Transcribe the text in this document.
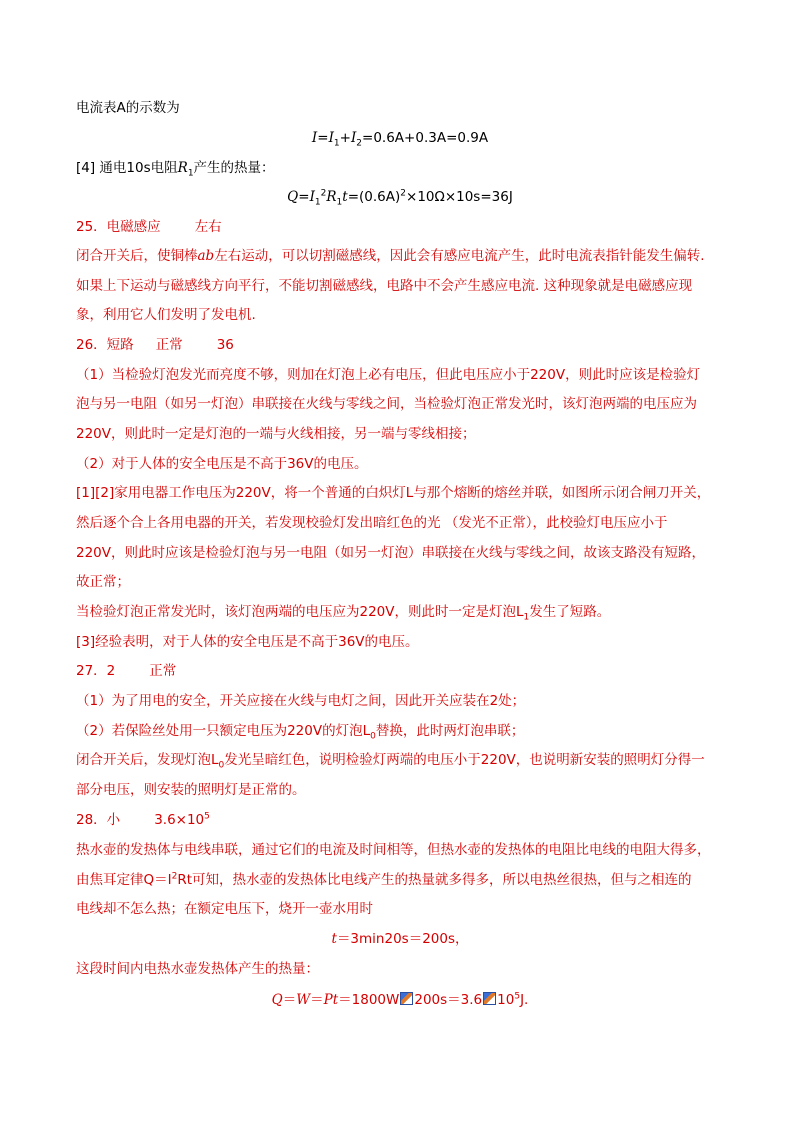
电流表A的示数为
$I=I_1+I_2=0.6A+0.3A=0.9A$
[4] 通电10s电阻$R_1$产生的热量：
$Q=I_1^2R_1t=(0.6A)^2\times 10\Omega\times 10s=36J$
25．电磁感应	左右
闭合开关后，使铜棒ab左右运动，可以切割磁感线，因此会有感应电流产生，此时电流表指针能发生偏转.
如果上下运动与磁感线方向平行，不能切割磁感线，电路中不会产生感应电流. 这种现象就是电磁感应现
象，利用它人们发明了发电机.
26．短路 正常	36
（1）当检验灯泡发光而亮度不够，则加在灯泡上必有电压，但此电压应小于220V，则此时应该是检验灯
泡与另一电阻（如另一灯泡）串联接在火线与零线之间，当检验灯泡正常发光时，该灯泡两端的电压应为
220V，则此时一定是灯泡的一端与火线相接，另一端与零线相接；
（2）对于人体的安全电压是不高于36V的电压。
[1][2]家用电器工作电压为220V，将一个普通的白炽灯L与那个熔断的熔丝并联，如图所示闭合闸刀开关，
然后逐个合上各用电器的开关，若发现校验灯发出暗红色的光 （发光不正常），此校验灯电压应小于
220V，则此时应该是检验灯泡与另一电阻（如另一灯泡）串联接在火线与零线之间，故该支路没有短路，
故正常；
当检验灯泡正常发光时，该灯泡两端的电压应为220V，则此时一定是灯泡$L_1$发生了短路。
[3]经验表明，对于人体的安全电压是不高于36V的电压。
27．2	正常
（1）为了用电的安全，开关应接在火线与电灯之间，因此开关应装在2处；
（2）若保险丝处用一只额定电压为220V的灯泡$L_0$替换，此时两灯泡串联；
闭合开关后，发现灯泡$L_0$发光呈暗红色，说明检验灯两端的电压小于220V，也说明新安装的照明灯分得一
部分电压，则安装的照明灯是正常的。
28．小	$3.6\times 10^5$
热水壶的发热体与电线串联，通过它们的电流及时间相等，但热水壶的发热体的电阻比电线的电阻大得多，
由焦耳定律$Q=I^2Rt$可知，热水壶的发热体比电线产生的热量就多得多，所以电热丝很热，但与之相连的
电线却不怎么热；在额定电压下，烧开一壶水用时
t＝3min20s＝200s，
这段时间内电热水壶发热体产生的热量：
Q＝W＝Pt＝1800W 200s＝3.6 $10^5J$.
